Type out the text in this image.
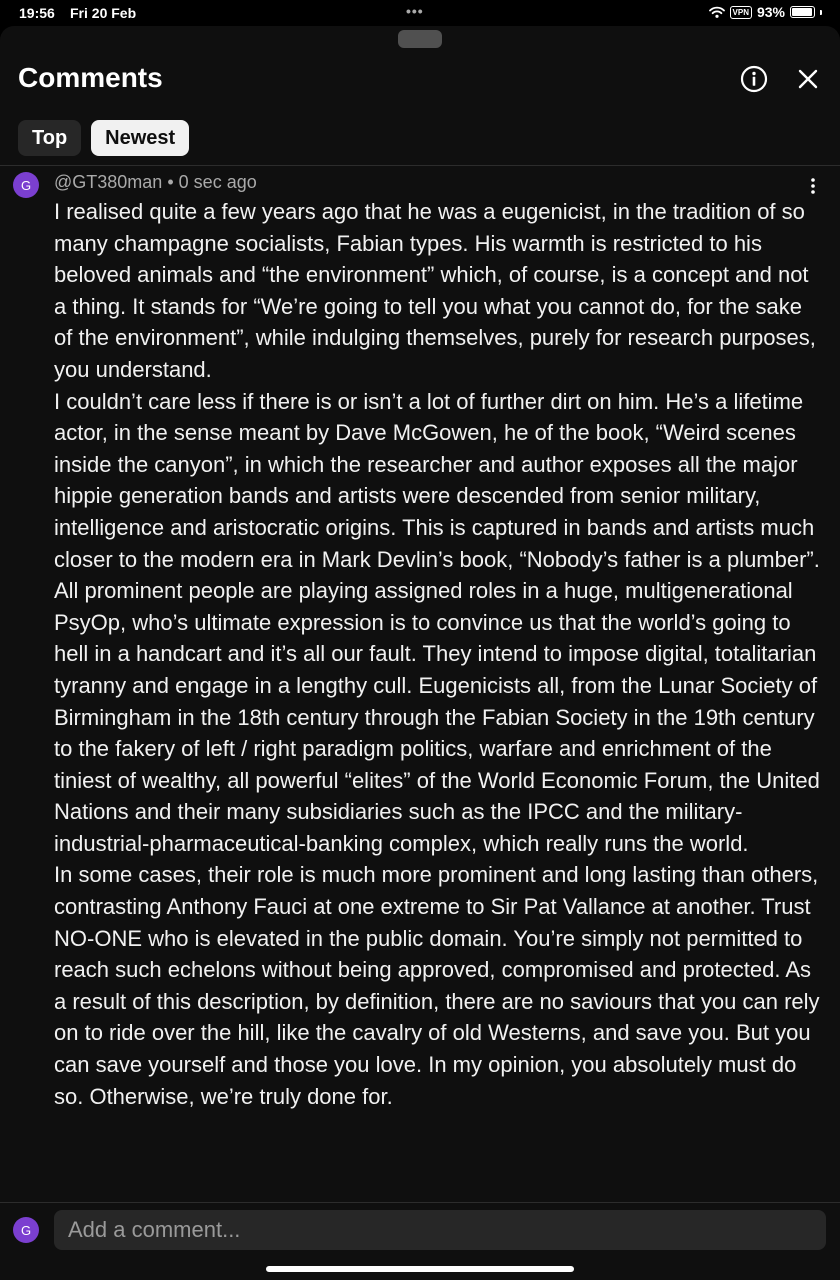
19:56 Fri 20 Feb	•••	VPN 93%
Comments
Top	Newest
G	@GT380man • 0 sec ago

I realised quite a few years ago that he was a eugenicist, in the tradition of so many champagne socialists, Fabian types. His warmth is restricted to his beloved animals and “the environment” which, of course, is a concept and not a thing. It stands for “We’re going to tell you what you cannot do, for the sake of the environment”, while indulging themselves, purely for research purposes, you understand.

I couldn’t care less if there is or isn’t a lot of further dirt on him. He’s a lifetime actor, in the sense meant by Dave McGowen, he of the book, “Weird scenes inside the canyon”, in which the researcher and author exposes all the major hippie generation bands and artists were descended from senior military, intelligence and aristocratic origins. This is captured in bands and artists much closer to the modern era in Mark Devlin’s book, “Nobody’s father is a plumber”.

All prominent people are playing assigned roles in a huge, multigenerational PsyOp, who’s ultimate expression is to convince us that the world’s going to hell in a handcart and it’s all our fault. They intend to impose digital, totalitarian tyranny and engage in a lengthy cull. Eugenicists all, from the Lunar Society of Birmingham in the 18th century through the Fabian Society in the 19th century to the fakery of left / right paradigm politics, warfare and enrichment of the tiniest of wealthy, all powerful “elites” of the World Economic Forum, the United Nations and their many subsidiaries such as the IPCC and the military-industrial-pharmaceutical-banking complex, which really runs the world.

In some cases, their role is much more prominent and long lasting than others, contrasting Anthony Fauci at one extreme to Sir Pat Vallance at another. Trust NO-ONE who is elevated in the public domain. You’re simply not permitted to reach such echelons without being approved, compromised and protected. As a result of this description, by definition, there are no saviours that you can rely on to ride over the hill, like the cavalry of old Westerns, and save you. But you can save yourself and those you love. In my opinion, you absolutely must do so. Otherwise, we’re truly done for.

G
Add a comment...
